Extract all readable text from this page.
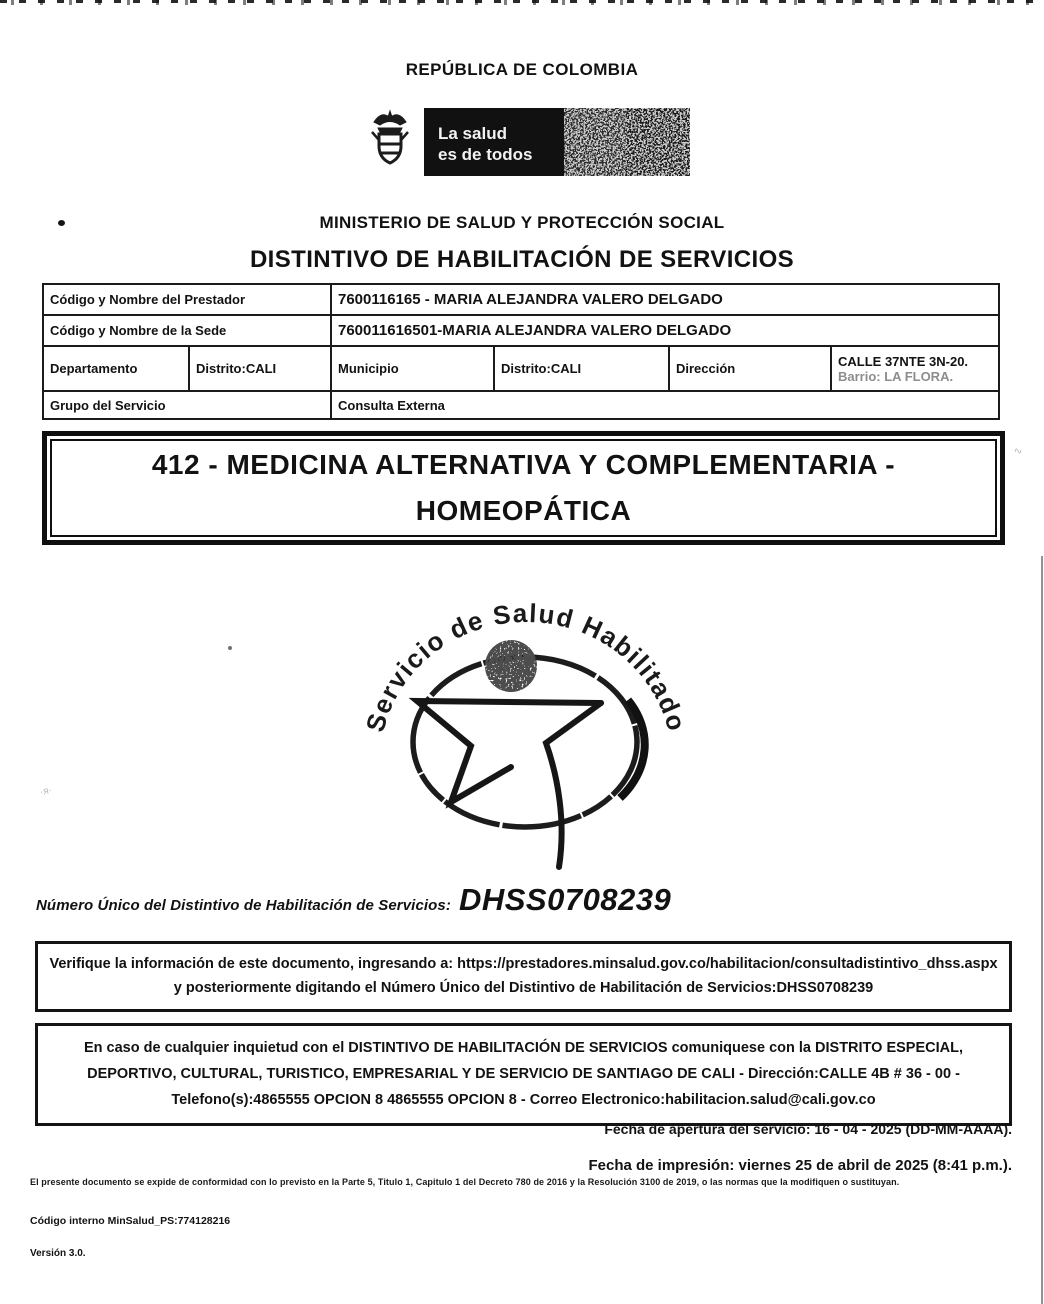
·я·
∿
REPÚBLICA DE COLOMBIA
La salud
es de todos
MINISTERIO DE SALUD Y PROTECCIÓN SOCIAL
DISTINTIVO DE HABILITACIÓN DE SERVICIOS
Código y Nombre del Prestador	7600116165 - MARIA ALEJANDRA VALERO DELGADO
Código y Nombre de la Sede	760011616501-MARIA ALEJANDRA VALERO DELGADO
Departamento	Distrito:CALI	Municipio	Distrito:CALI	Dirección	CALLE 37NTE 3N-20.
Barrio: LA FLORA.
Grupo del Servicio	Consulta Externa
412 - MEDICINA ALTERNATIVA Y COMPLEMENTARIA -
HOMEOPÁTICA
Servicio de Salud Habilitado
Número Único del Distintivo de Habilitación de Servicios: DHSS0708239
Verifique la información de este documento, ingresando a: https://prestadores.minsalud.gov.co/habilitacion/consultadistintivo_dhss.aspx
y posteriormente digitando el Número Único del Distintivo de Habilitación de Servicios:DHSS0708239
En caso de cualquier inquietud con el DISTINTIVO DE HABILITACIÓN DE SERVICIOS comuniquese con la DISTRITO ESPECIAL,
DEPORTIVO, CULTURAL, TURISTICO, EMPRESARIAL Y DE SERVICIO DE SANTIAGO DE CALI - Dirección:CALLE 4B # 36 - 00 -
Telefono(s):4865555 OPCION 8 4865555 OPCION 8 - Correo Electronico:habilitacion.salud@cali.gov.co
Fecha de apertura del servicio: 16 - 04 - 2025 (DD-MM-AAAA).
Fecha de impresión: viernes 25 de abril de 2025 (8:41 p.m.).
El presente documento se expide de conformidad con lo previsto en la Parte 5, Titulo 1, Capitulo 1 del Decreto 780 de 2016 y la Resolución 3100 de 2019, o las normas que la modifiquen o sustituyan.
Código interno MinSalud_PS:774128216
Versión 3.0.
